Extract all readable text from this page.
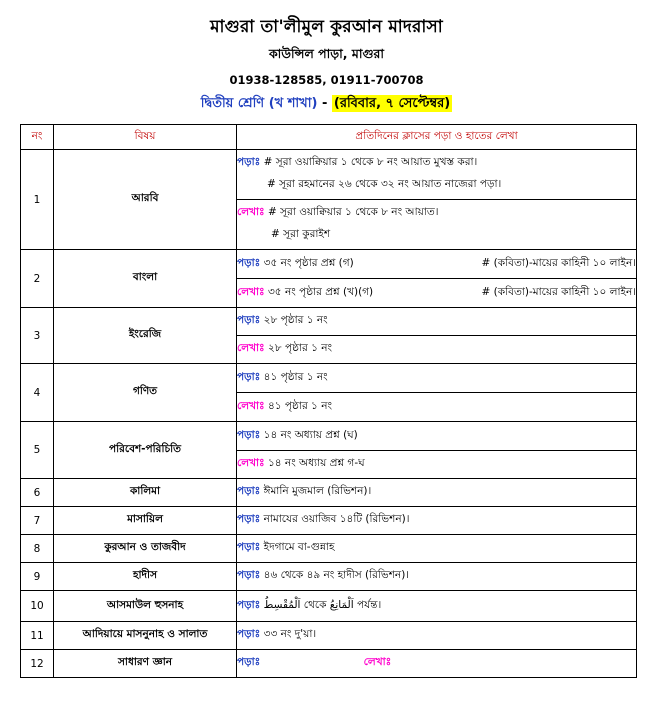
মাগুরা তা'লীমুল কুরআন মাদরাসা
কাউন্সিল পাড়া, মাগুরা
01938-128585, 01911-700708
দ্বিতীয় শ্রেণি (খ শাখা) - (রবিবার, ৭ সেপ্টেম্বর)
নং	বিষয়	প্রতিদিনের ক্লাসের পড়া ও হাতের লেখা
1	আরবি	পড়াঃ # সূরা ওয়াক্বিয়ার ১ থেকে ৮ নং আয়াত মুখস্ত করা।
# সূরা রহমানের ২৬ থেকে ৩২ নং আয়াত নাজেরা পড়া।

		লেখাঃ # সূরা ওয়াক্বিয়ার ১ থেকে ৮ নং আয়াত।
# সূরা কুরাইশ

2	বাংলা	পড়াঃ ৩৫ নং পৃষ্ঠার প্রশ্ন (গ) # (কবিতা)-মায়ের কাহিনী ১০ লাইন।

		লেখাঃ ৩৫ নং পৃষ্ঠার প্রশ্ন (খ)(গ) # (কবিতা)-মায়ের কাহিনী ১০ লাইন।

3	ইংরেজি	পড়াঃ ২৮ পৃষ্ঠার ১ নং
		লেখাঃ ২৮ পৃষ্ঠার ১ নং
4	গণিত	পড়াঃ ৪১ পৃষ্ঠার ১ নং
		লেখাঃ ৪১ পৃষ্ঠার ১ নং
5	পরিবেশ-পরিচিতি	পড়াঃ ১৪ নং অধ্যায় প্রশ্ন (ঘ)
		লেখাঃ ১৪ নং অধ্যায় প্রশ্ন গ-ঘ
6	কালিমা	পড়াঃ ঈমানি মুজমাল (রিভিশন)।
7	মাসায়িল	পড়াঃ নামাযের ওয়াজিব ১৪টি (রিভিশন)।
8	কুরআন ও তাজবীদ	পড়াঃ ইদগামে বা-গুন্নাহ
9	হাদীস	পড়াঃ ৪৬ থেকে ৪৯ নং হাদীস (রিভিশন)।
10	আসমাউল হুসনাহ	পড়াঃ اَلْمُقْسِطُ থেকে اَلْمَانِعُ পর্যন্ত।
11	আদিয়ায়ে মাসনুনাহ ও সালাত	পড়াঃ ৩৩ নং দু'য়া।
12	সাধারণ জ্ঞান	পড়াঃ লেখাঃ
